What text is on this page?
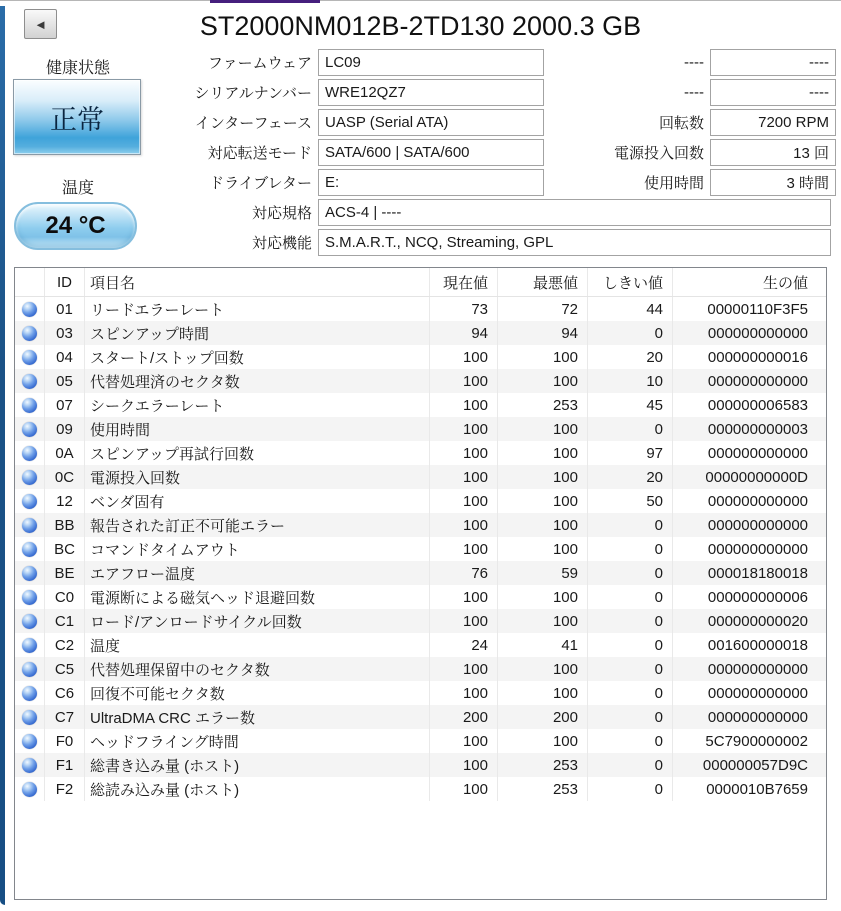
◄	ST2000NM012B-2TD130 2000.3 GB
健康状態
正常
温度
24 °C
ファームウェア LC09
シリアルナンバー WRE12QZ7
インターフェース UASP (Serial ATA)
対応転送モード SATA/600 | SATA/600
ドライブレター E:
対応規格 ACS-4 | ----
対応機能 S.M.A.R.T., NCQ, Streaming, GPL
----	----
----	----
回転数	7200 RPM
電源投入回数	13 回
使用時間	3 時間
ID	項目名	現在値	最悪値	しきい値	生の値
01	リードエラーレート	73	72	44	00000110F3F5
03	スピンアップ時間	94	94	0	000000000000
04	スタート/ストップ回数	100	100	20	000000000016
05	代替処理済のセクタ数	100	100	10	000000000000
07	シークエラーレート	100	253	45	000000006583
09	使用時間	100	100	0	000000000003
0A	スピンアップ再試行回数	100	100	97	000000000000
0C	電源投入回数	100	100	20	00000000000D
12	ベンダ固有	100	100	50	000000000000
BB	報告された訂正不可能エラー	100	100	0	000000000000
BC	コマンドタイムアウト	100	100	0	000000000000
BE	エアフロー温度	76	59	0	000018180018
C0	電源断による磁気ヘッド退避回数	100	100	0	000000000006
C1	ロード/アンロードサイクル回数	100	100	0	000000000020
C2	温度	24	41	0	001600000018
C5	代替処理保留中のセクタ数	100	100	0	000000000000
C6	回復不可能セクタ数	100	100	0	000000000000
C7	UltraDMA CRC エラー数	200	200	0	000000000000
F0	ヘッドフライング時間	100	100	0	5C7900000002
F1	総書き込み量 (ホスト)	100	253	0	000000057D9C
F2	総読み込み量 (ホスト)	100	253	0	0000010B7659
